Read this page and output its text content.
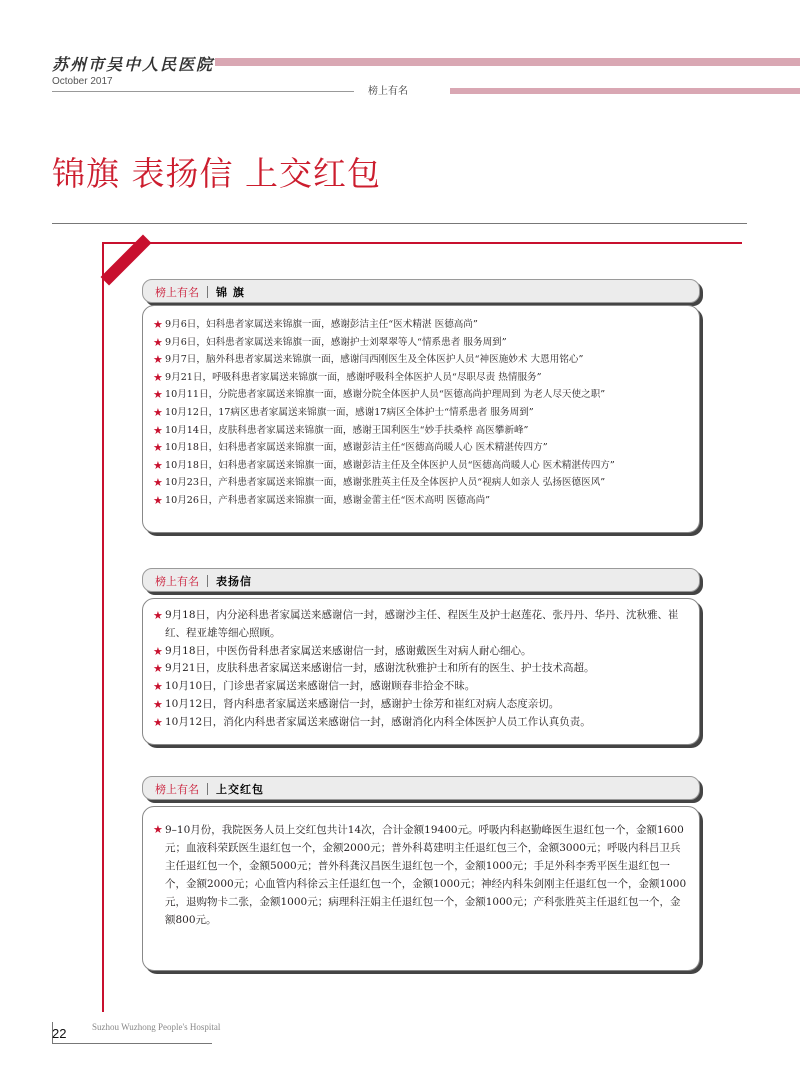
苏州市吴中人民医院
October 2017
榜上有名
锦旗 表扬信 上交红包
榜上有名 锦 旗
★ 9月6日，妇科患者家属送来锦旗一面，感谢彭洁主任“医术精湛 医德高尚”
★ 9月6日，妇科患者家属送来锦旗一面，感谢护士刘翠翠等人“情系患者 服务周到”
★ 9月7日，脑外科患者家属送来锦旗一面，感谢闫西刚医生及全体医护人员“神医施妙术 大恩用铭心”
★ 9月21日，呼吸科患者家属送来锦旗一面，感谢呼吸科全体医护人员“尽职尽责 热情服务”
★ 10月11日，分院患者家属送来锦旗一面，感谢分院全体医护人员“医德高尚护理周到 为老人尽天使之职”
★ 10月12日，17病区患者家属送来锦旗一面，感谢17病区全体护士“情系患者 服务周到”
★ 10月14日，皮肤科患者家属送来锦旗一面，感谢王国利医生“妙手扶桑梓 高医攀新峰”
★ 10月18日，妇科患者家属送来锦旗一面，感谢彭洁主任“医德高尚暖人心 医术精湛传四方”
★ 10月18日，妇科患者家属送来锦旗一面，感谢彭洁主任及全体医护人员“医德高尚暖人心 医术精湛传四方”
★ 10月23日，产科患者家属送来锦旗一面，感谢张胜英主任及全体医护人员“视病人如亲人 弘扬医德医风”
★ 10月26日，产科患者家属送来锦旗一面，感谢金蕾主任“医术高明 医德高尚”
榜上有名 表扬信
★ 9月18日，内分泌科患者家属送来感谢信一封，感谢沙主任、程医生及护士赵莲花、张丹丹、华丹、沈秋雅、崔红、程亚雄等细心照顾。
★ 9月18日，中医伤骨科患者家属送来感谢信一封，感谢戴医生对病人耐心细心。
★ 9月21日，皮肤科患者家属送来感谢信一封，感谢沈秋雅护士和所有的医生、护士技术高超。
★ 10月10日，门诊患者家属送来感谢信一封，感谢顾春非拾金不昧。
★ 10月12日，肾内科患者家属送来感谢信一封，感谢护士徐芳和崔红对病人态度亲切。
★ 10月12日，消化内科患者家属送来感谢信一封，感谢消化内科全体医护人员工作认真负责。
榜上有名 上交红包
★ 9–10月份，我院医务人员上交红包共计14次，合计金额19400元。呼吸内科赵勤峰医生退红包一个，金额1600元；血液科荣跃医生退红包一个，金额2000元；普外科葛建明主任退红包三个，金额3000元；呼吸内科吕卫兵主任退红包一个，金额5000元；普外科龚汉昌医生退红包一个，金额1000元；手足外科李秀平医生退红包一个，金额2000元；心血管内科徐云主任退红包一个，金额1000元；神经内科朱剑刚主任退红包一个，金额1000元，退购物卡二张，金额1000元；病理科汪娟主任退红包一个，金额1000元；产科张胜英主任退红包一个，金额800元。
22	Suzhou Wuzhong People's Hospital
